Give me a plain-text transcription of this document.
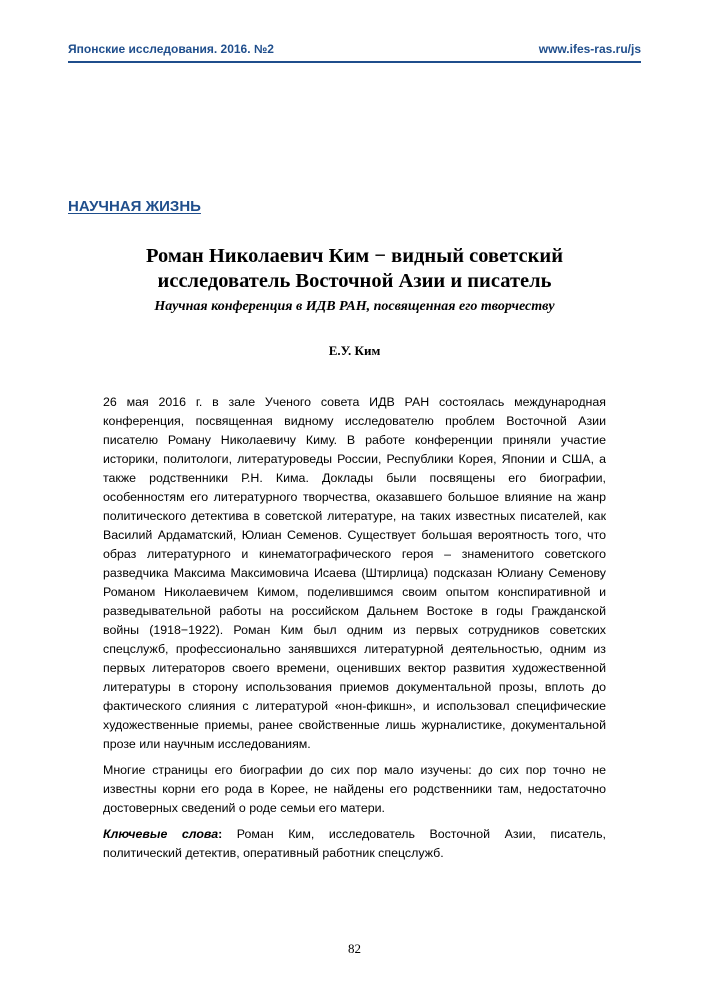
Японские исследования. 2016. №2	www.ifes-ras.ru/js
НАУЧНАЯ ЖИЗНЬ
Роман Николаевич Ким − видный советский
исследователь Восточной Азии и писатель
Научная конференция в ИДВ РАН, посвященная его творчеству
Е.У. Ким

26 мая 2016 г. в зале Ученого совета ИДВ РАН состоялась международная конференция, посвященная видному исследователю проблем Восточной Азии писателю Роману Николаевичу Киму. В работе конференции приняли участие историки, политологи, литературоведы России, Республики Корея, Японии и США, а также родственники Р.Н. Кима. Доклады были посвящены его биографии, особенностям его литературного творчества, оказавшего большое влияние на жанр политического детектива в советской литературе, на таких известных писателей, как Василий Ардаматский, Юлиан Семенов. Существует большая вероятность того, что образ литературного и кинематографического героя – знаменитого советского разведчика Максима Максимовича Исаева (Штирлица) подсказан Юлиану Семенову Романом Николаевичем Кимом, поделившимся своим опытом конспиративной и разведывательной работы на российском Дальнем Востоке в годы Гражданской войны (1918−1922). Роман Ким был одним из первых сотрудников советских спецслужб, профессионально занявшихся литературной деятельностью, одним из первых литераторов своего времени, оценивших вектор развития художественной литературы в сторону использования приемов документальной прозы, вплоть до фактического слияния с литературой «нон-фикшн», и использовал специфические художественные приемы, ранее свойственные лишь журналистике, документальной прозе или научным исследованиям.

Многие страницы его биографии до сих пор мало изучены: до сих пор точно не известны корни его рода в Корее, не найдены его родственники там, недостаточно достоверных сведений о роде семьи его матери.

Ключевые слова: Роман Ким, исследователь Восточной Азии, писатель, политический детектив, оперативный работник спецслужб.

82
